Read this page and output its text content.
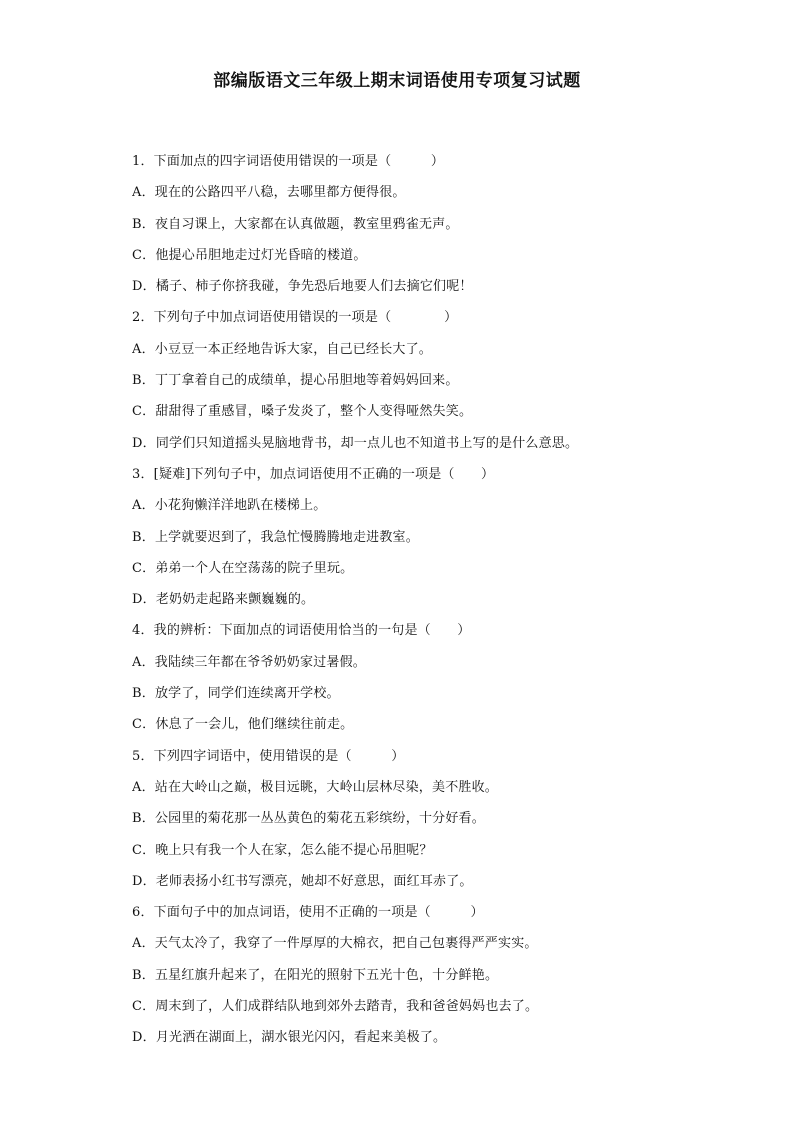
部编版语文三年级上期末词语使用专项复习试题
1．下面加点的四字词语使用错误的一项是（　　　）
A．现在的公路四平八稳，去哪里都方便得很。
B．夜自习课上，大家都在认真做题，教室里鸦雀无声。
C．他提心吊胆地走过灯光昏暗的楼道。
D．橘子、柿子你挤我碰，争先恐后地要人们去摘它们呢！
2．下列句子中加点词语使用错误的一项是（　　　　）
A．小豆豆一本正经地告诉大家，自己已经长大了。
B．丁丁拿着自己的成绩单，提心吊胆地等着妈妈回来。
C．甜甜得了重感冒，嗓子发炎了，整个人变得哑然失笑。
D．同学们只知道摇头晃脑地背书，却一点儿也不知道书上写的是什么意思。
3．[疑难]下列句子中，加点词语使用不正确的一项是（　　）
A．小花狗懒洋洋地趴在楼梯上。
B．上学就要迟到了，我急忙慢腾腾地走进教室。
C．弟弟一个人在空荡荡的院子里玩。
D．老奶奶走起路来颤巍巍的。
4．我的辨析：下面加点的词语使用恰当的一句是（　　）
A．我陆续三年都在爷爷奶奶家过暑假。
B．放学了，同学们连续离开学校。
C．休息了一会儿，他们继续往前走。
5．下列四字词语中，使用错误的是（　　　）
A．站在大岭山之巅，极目远眺，大岭山层林尽染，美不胜收。
B．公园里的菊花那一丛丛黄色的菊花五彩缤纷，十分好看。
C．晚上只有我一个人在家，怎么能不提心吊胆呢？
D．老师表扬小红书写漂亮，她却不好意思，面红耳赤了。
6．下面句子中的加点词语，使用不正确的一项是（　　　）
A．天气太冷了，我穿了一件厚厚的大棉衣，把自己包裹得严严实实。
B．五星红旗升起来了，在阳光的照射下五光十色，十分鲜艳。
C．周末到了，人们成群结队地到郊外去踏青，我和爸爸妈妈也去了。
D．月光洒在湖面上，湖水银光闪闪，看起来美极了。
